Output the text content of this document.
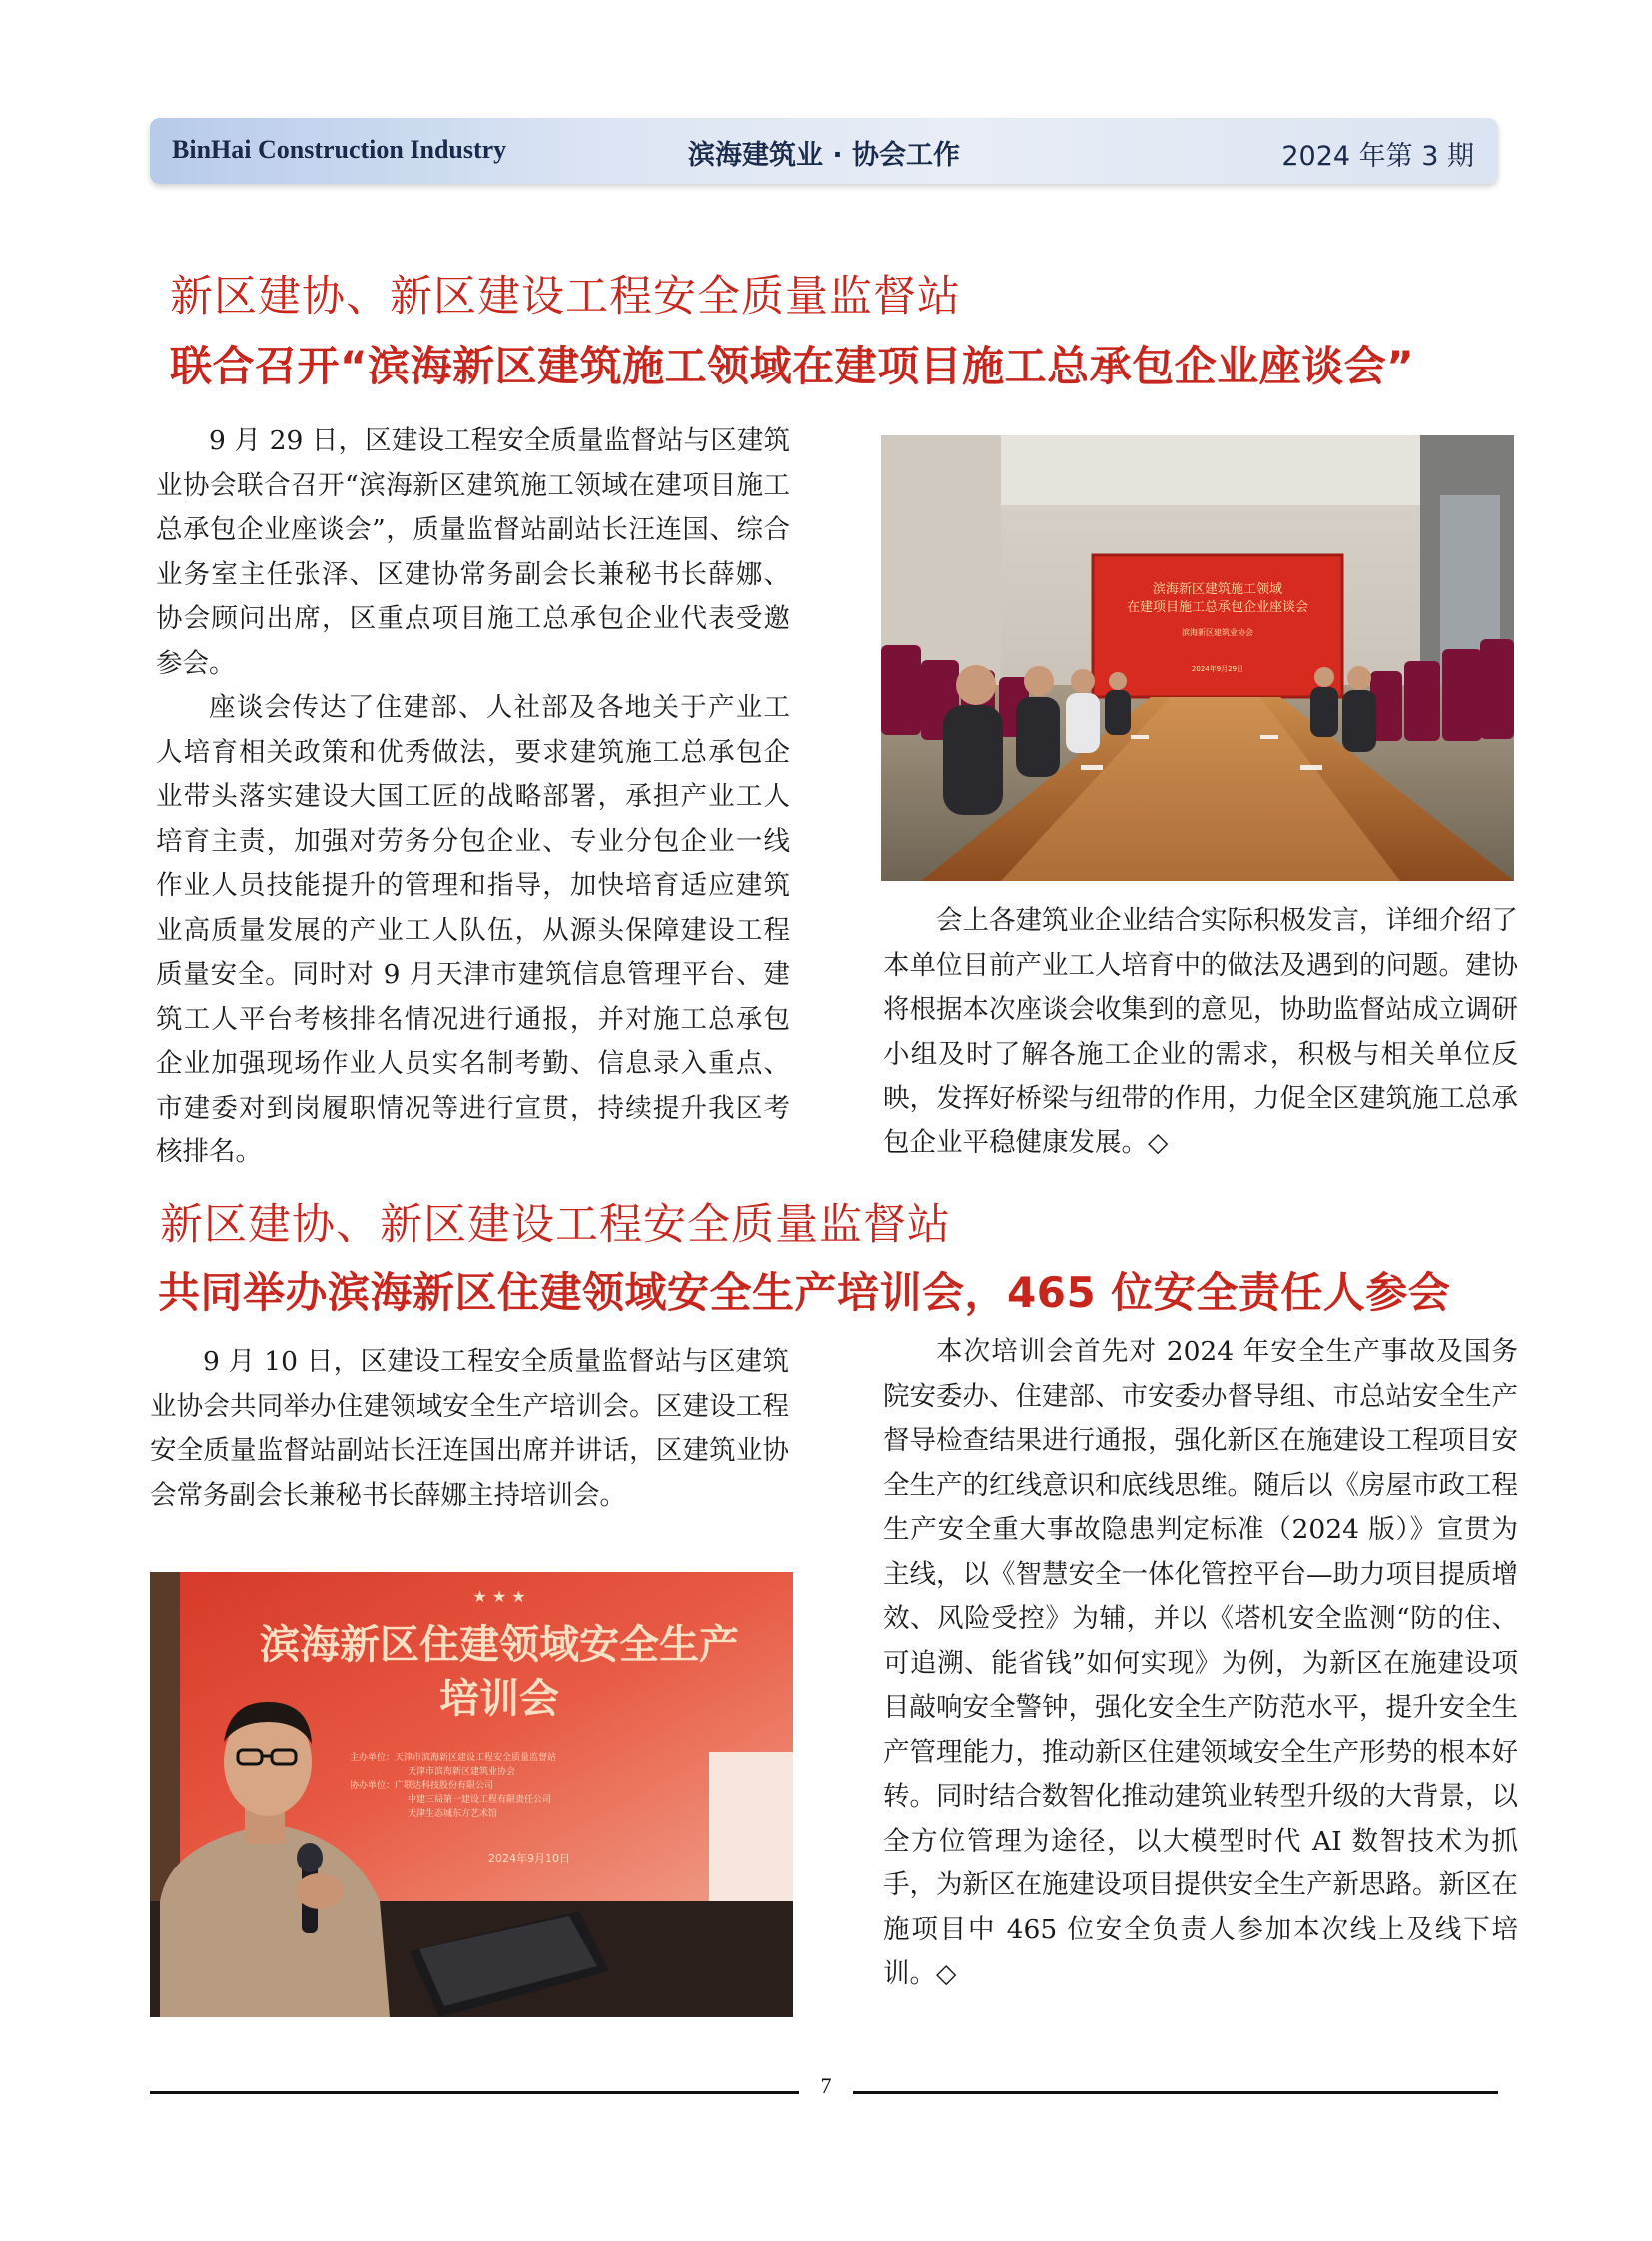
BinHai Construction Industry	滨海建筑业 · 协会工作	2024 年第 3 期
新区建协、新区建设工程安全质量监督站
联合召开“滨海新区建筑施工领域在建项目施工总承包企业座谈会”

9 月 29 日，区建设工程安全质量监督站与区建筑业协会联合召开“滨海新区建筑施工领域在建项目施工总承包企业座谈会”，质量监督站副站长汪连国、综合业务室主任张泽、区建协常务副会长兼秘书长薛娜、协会顾问出席，区重点项目施工总承包企业代表受邀参会。

座谈会传达了住建部、人社部及各地关于产业工人培育相关政策和优秀做法，要求建筑施工总承包企业带头落实建设大国工匠的战略部署，承担产业工人培育主责，加强对劳务分包企业、专业分包企业一线作业人员技能提升的管理和指导，加快培育适应建筑业高质量发展的产业工人队伍，从源头保障建设工程质量安全。同时对 9 月天津市建筑信息管理平台、建筑工人平台考核排名情况进行通报，并对施工总承包企业加强现场作业人员实名制考勤、信息录入重点、市建委对到岗履职情况等进行宣贯，持续提升我区考核排名。

滨海新区建筑施工领域
在建项目施工总承包企业座谈会
滨海新区建筑业协会
2024年9月29日

会上各建筑业企业结合实际积极发言，详细介绍了本单位目前产业工人培育中的做法及遇到的问题。建协将根据本次座谈会收集到的意见，协助监督站成立调研小组及时了解各施工企业的需求，积极与相关单位反映，发挥好桥梁与纽带的作用，力促全区建筑施工总承包企业平稳健康发展。◇

新区建协、新区建设工程安全质量监督站
共同举办滨海新区住建领域安全生产培训会，465 位安全责任人参会

9 月 10 日，区建设工程安全质量监督站与区建筑业协会共同举办住建领域安全生产培训会。区建设工程安全质量监督站副站长汪连国出席并讲话，区建筑业协会常务副会长兼秘书长薛娜主持培训会。

★ ★ ★
滨海新区住建领域安全生产
培训会
主办单位：天津市滨海新区建设工程安全质量监督站
天津市滨海新区建筑业协会
协办单位：广联达科技股份有限公司
中建三局第一建设工程有限责任公司
天津生态城东方艺术馆
2024年9月10日

本次培训会首先对 2024 年安全生产事故及国务院安委办、住建部、市安委办督导组、市总站安全生产督导检查结果进行通报，强化新区在施建设工程项目安全生产的红线意识和底线思维。随后以《房屋市政工程生产安全重大事故隐患判定标准（2024 版）》宣贯为主线，以《智慧安全一体化管控平台—助力项目提质增效、风险受控》为辅，并以《塔机安全监测“防的住、可追溯、能省钱”如何实现》为例，为新区在施建设项目敲响安全警钟，强化安全生产防范水平，提升安全生产管理能力，推动新区住建领域安全生产形势的根本好转。同时结合数智化推动建筑业转型升级的大背景，以全方位管理为途径，以大模型时代 AI 数智技术为抓手，为新区在施建设项目提供安全生产新思路。新区在施项目中 465 位安全负责人参加本次线上及线下培训。◇

7
